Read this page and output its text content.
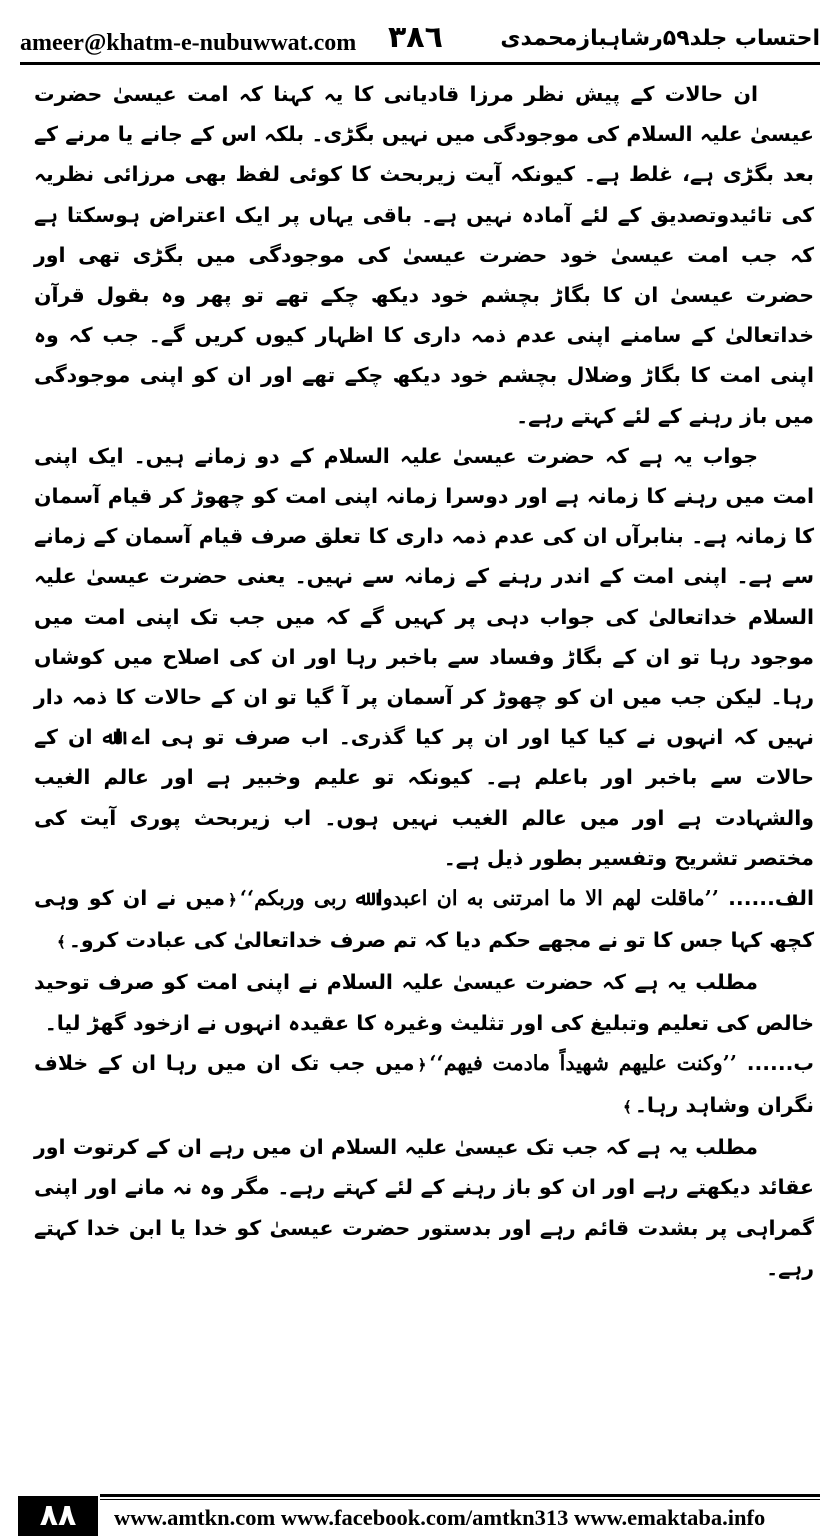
ameer@khatm-e-nubuwwat.com ٣٨٦	احتساب جلد۵۹رشاہبازمحمدی

ان حالات کے پیش نظر مرزا قادیانی کا یہ کہنا کہ امت عیسیٰ حضرت عیسیٰ علیہ السلام کی موجودگی میں نہیں بگڑی۔ بلکہ اس کے جانے یا مرنے کے بعد بگڑی ہے، غلط ہے۔ کیونکہ آیت زیربحث کا کوئی لفظ بھی مرزائی نظریہ کی تائیدوتصدیق کے لئے آمادہ نہیں ہے۔ باقی یہاں پر ایک اعتراض ہوسکتا ہے کہ جب امت عیسیٰ خود حضرت عیسیٰ کی موجودگی میں بگڑی تھی اور حضرت عیسیٰ ان کا بگاڑ بچشم خود دیکھ چکے تھے تو پھر وہ بقول قرآن خداتعالیٰ کے سامنے اپنی عدم ذمہ داری کا اظہار کیوں کریں گے۔ جب کہ وہ اپنی امت کا بگاڑ وضلال بچشم خود دیکھ چکے تھے اور ان کو اپنی موجودگی میں باز رہنے کے لئے کہتے رہے۔

جواب یہ ہے کہ حضرت عیسیٰ علیہ السلام کے دو زمانے ہیں۔ ایک اپنی امت میں رہنے کا زمانہ ہے اور دوسرا زمانہ اپنی امت کو چھوڑ کر قیام آسمان کا زمانہ ہے۔ بنابرآں ان کی عدم ذمہ داری کا تعلق صرف قیام آسمان کے زمانے سے ہے۔ اپنی امت کے اندر رہنے کے زمانہ سے نہیں۔ یعنی حضرت عیسیٰ علیہ السلام خداتعالیٰ کی جواب دہی پر کہیں گے کہ میں جب تک اپنی امت میں موجود رہا تو ان کے بگاڑ وفساد سے باخبر رہا اور ان کی اصلاح میں کوشاں رہا۔ لیکن جب میں ان کو چھوڑ کر آسمان پر آ گیا تو ان کے حالات کا ذمہ دار نہیں کہ انہوں نے کیا کیا اور ان پر کیا گذری۔ اب صرف تو ہی اے اﷲ ان کے حالات سے باخبر اور باعلم ہے۔ کیونکہ تو علیم وخبیر ہے اور عالم الغیب والشہادت ہے اور میں عالم الغیب نہیں ہوں۔ اب زیربحث پوری آیت کی مختصر تشریح وتفسیر بطور ذیل ہے۔

الف...... ’’ماقلت لهم الا ما امرتنی به ان اعبدوا ﷲ ربی وربکم‘‘﴿میں نے ان کو وہی کچھ کہا جس کا تو نے مجھے حکم دیا کہ تم صرف خداتعالیٰ کی عبادت کرو۔﴾

مطلب یہ ہے کہ حضرت عیسیٰ علیہ السلام نے اپنی امت کو صرف توحید خالص کی تعلیم وتبلیغ کی اور تثلیث وغیرہ کا عقیدہ انہوں نے ازخود گھڑ لیا۔

ب...... ’’وکنت علیهم شهیداً مادمت فیهم‘‘﴿میں جب تک ان میں رہا ان کے خلاف نگران وشاہد رہا۔﴾

مطلب یہ ہے کہ جب تک عیسیٰ علیہ السلام ان میں رہے ان کے کرتوت اور عقائد دیکھتے رہے اور ان کو باز رہنے کے لئے کہتے رہے۔ مگر وہ نہ مانے اور اپنی گمراہی پر بشدت قائم رہے اور بدستور حضرت عیسیٰ کو خدا یا ابن خدا کہتے رہے۔

٨٨	www.amtkn.com www.facebook.com/amtkn313 www.emaktaba.info
